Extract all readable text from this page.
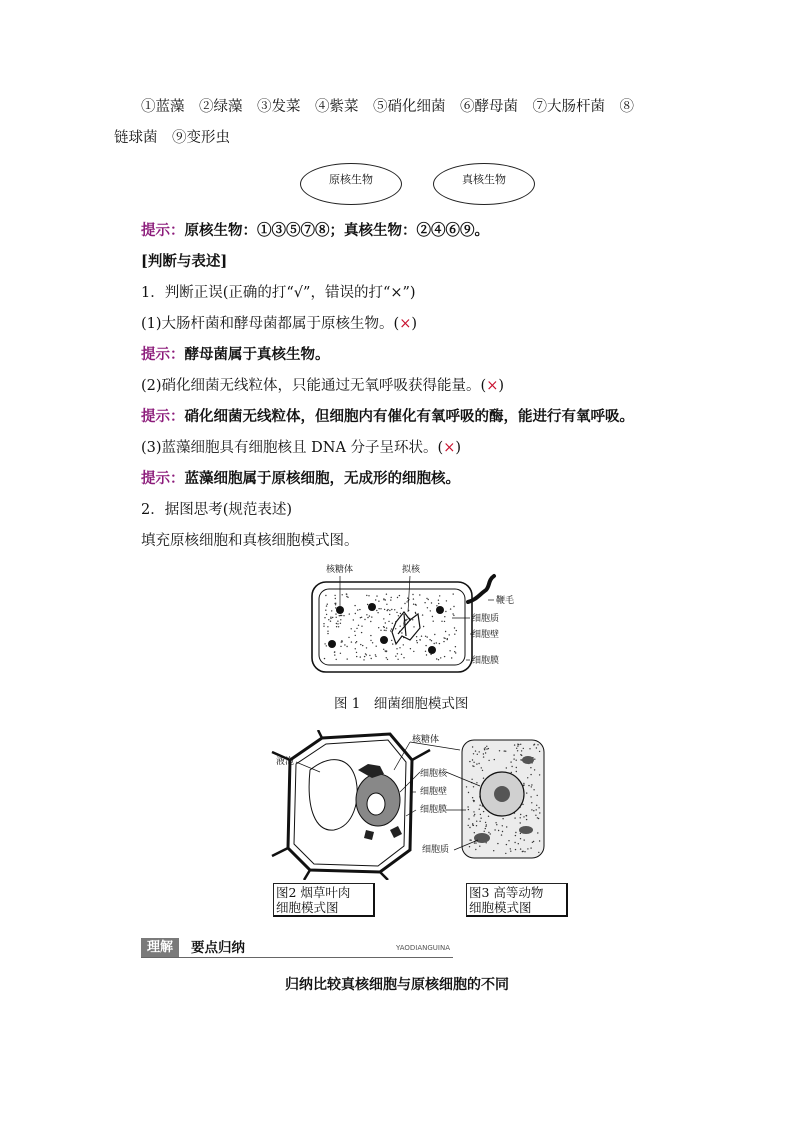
①蓝藻　②绿藻　③发菜　④紫菜　⑤硝化细菌　⑥酵母菌　⑦大肠杆菌　⑧
链球菌　⑨变形虫
原核生物	真核生物
提示：原核生物：①③⑤⑦⑧；真核生物：②④⑥⑨。
[判断与表述]
1．判断正误(正确的打“√”，错误的打“×”)
(1)大肠杆菌和酵母菌都属于原核生物。(×)
提示：酵母菌属于真核生物。
(2)硝化细菌无线粒体，只能通过无氧呼吸获得能量。(×)
提示：硝化细菌无线粒体，但细胞内有催化有氧呼吸的酶，能进行有氧呼吸。
(3)蓝藻细胞具有细胞核且 DNA 分子呈环状。(×)
提示：蓝藻细胞属于原核细胞，无成形的细胞核。
2．据图思考(规范表述)
填充原核细胞和真核细胞模式图。
核糖体	拟核
鞭毛
细胞质
细胞壁
细胞膜
图 1　细菌细胞模式图
液泡
核糖体
细胞核
细胞壁
细胞膜
细胞质
图2 烟草叶肉
细胞模式图
图3 高等动物
细胞模式图
理解	要点归纳	YAODIANGUINA
归纳比较真核细胞与原核细胞的不同
